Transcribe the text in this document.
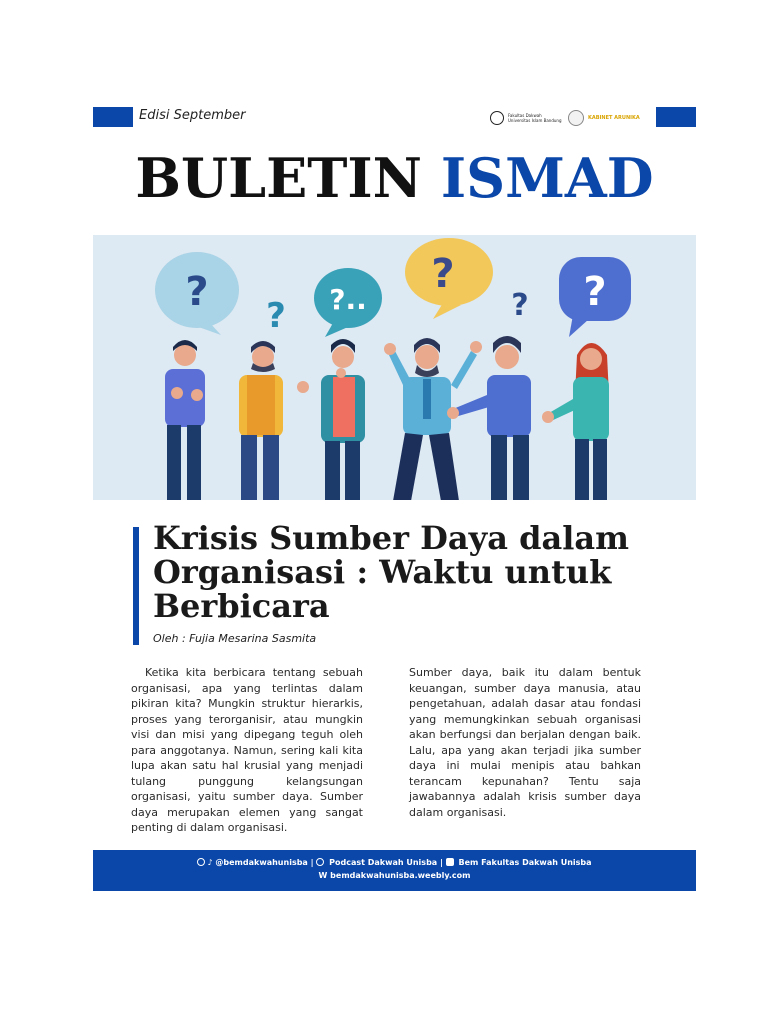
Edisi September	Fakultas Dakwah Universitas Islam Bandung	KABINET ARUNIKA
BULETIN ISMAD
?
? ?..
?
? ?
Krisis Sumber Daya dalam Organisasi : Waktu untuk Berbicara
Oleh : Fujia Mesarina Sasmita
Ketika kita berbicara tentang sebuah organisasi, apa yang terlintas dalam pikiran kita? Mungkin struktur hierarkis, proses yang terorganisir, atau mungkin visi dan misi yang dipegang teguh oleh para anggotanya. Namun, sering kali kita lupa akan satu hal krusial yang menjadi tulang punggung kelangsungan organisasi, yaitu sumber daya. Sumber daya merupakan elemen yang sangat penting di dalam organisasi.
Sumber daya, baik itu dalam bentuk keuangan, sumber daya manusia, atau pengetahuan, adalah dasar atau fondasi yang memungkinkan sebuah organisasi akan berfungsi dan berjalan dengan baik. Lalu, apa yang akan terjadi jika sumber daya ini mulai menipis atau bahkan terancam kepunahan? Tentu saja jawabannya adalah krisis sumber daya dalam organisasi.
♪ @bemdakwahunisba |  Podcast Dakwah Unisba |  Bem Fakultas Dakwah Unisba
W bemdakwahunisba.weebly.com
